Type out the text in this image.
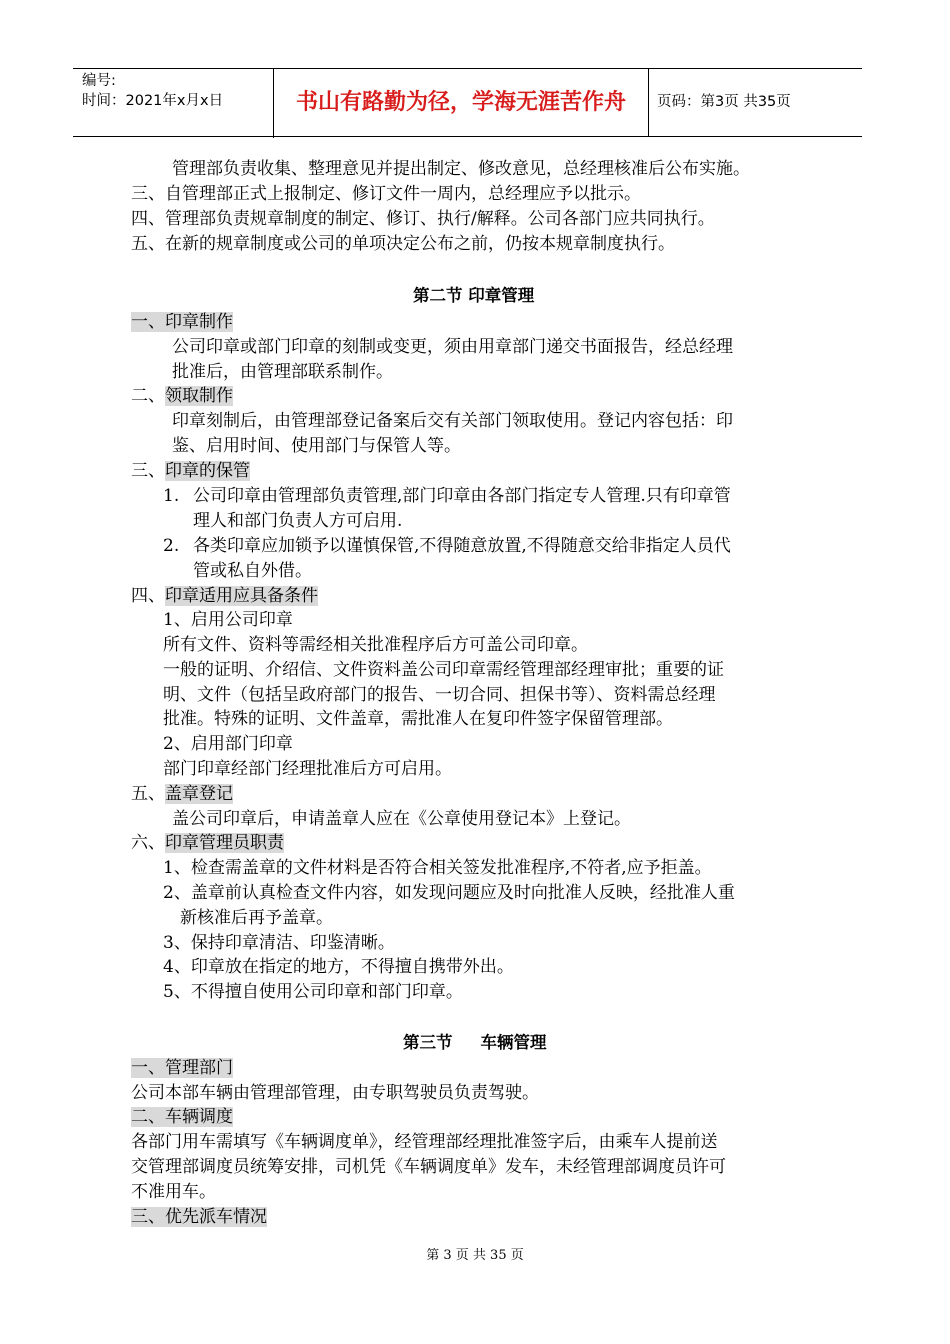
编号:
时间：2021年x月x日	书山有路勤为径，学海无涯苦作舟	页码：第3页 共35页
管理部负责收集、整理意见并提出制定、修改意见，总经理核准后公布实施。
三、自管理部正式上报制定、修订文件一周内，总经理应予以批示。
四、管理部负责规章制度的制定、修订、执行/解释。公司各部门应共同执行。
五、在新的规章制度或公司的单项决定公布之前，仍按本规章制度执行。
第二节 印章管理
一、印章制作
公司印章或部门印章的刻制或变更，须由用章部门递交书面报告，经总经理
批准后，由管理部联系制作。
二、领取制作
印章刻制后，由管理部登记备案后交有关部门领取使用。登记内容包括：印
鉴、启用时间、使用部门与保管人等。
三、印章的保管
1. 公司印章由管理部负责管理,部门印章由各部门指定专人管理.只有印章管
理人和部门负责人方可启用.
2. 各类印章应加锁予以谨慎保管,不得随意放置,不得随意交给非指定人员代
管或私自外借。
四、印章适用应具备条件
1、启用公司印章
所有文件、资料等需经相关批准程序后方可盖公司印章。
一般的证明、介绍信、文件资料盖公司印章需经管理部经理审批；重要的证
明、文件（包括呈政府部门的报告、一切合同、担保书等）、资料需总经理
批准。特殊的证明、文件盖章，需批准人在复印件签字保留管理部。
2、启用部门印章
部门印章经部门经理批准后方可启用。
五、盖章登记
盖公司印章后，申请盖章人应在《公章使用登记本》上登记。
六、印章管理员职责
1、检查需盖章的文件材料是否符合相关签发批准程序,不符者,应予拒盖。
2、盖章前认真检查文件内容，如发现问题应及时向批准人反映，经批准人重
新核准后再予盖章。
3、保持印章清洁、印鉴清晰。
4、印章放在指定的地方，不得擅自携带外出。
5、不得擅自使用公司印章和部门印章。
第三节 车辆管理
一、管理部门
公司本部车辆由管理部管理，由专职驾驶员负责驾驶。
二、车辆调度
各部门用车需填写《车辆调度单》，经管理部经理批准签字后，由乘车人提前送
交管理部调度员统筹安排，司机凭《车辆调度单》发车，未经管理部调度员许可
不准用车。
三、优先派车情况
第 3 页 共 35 页
